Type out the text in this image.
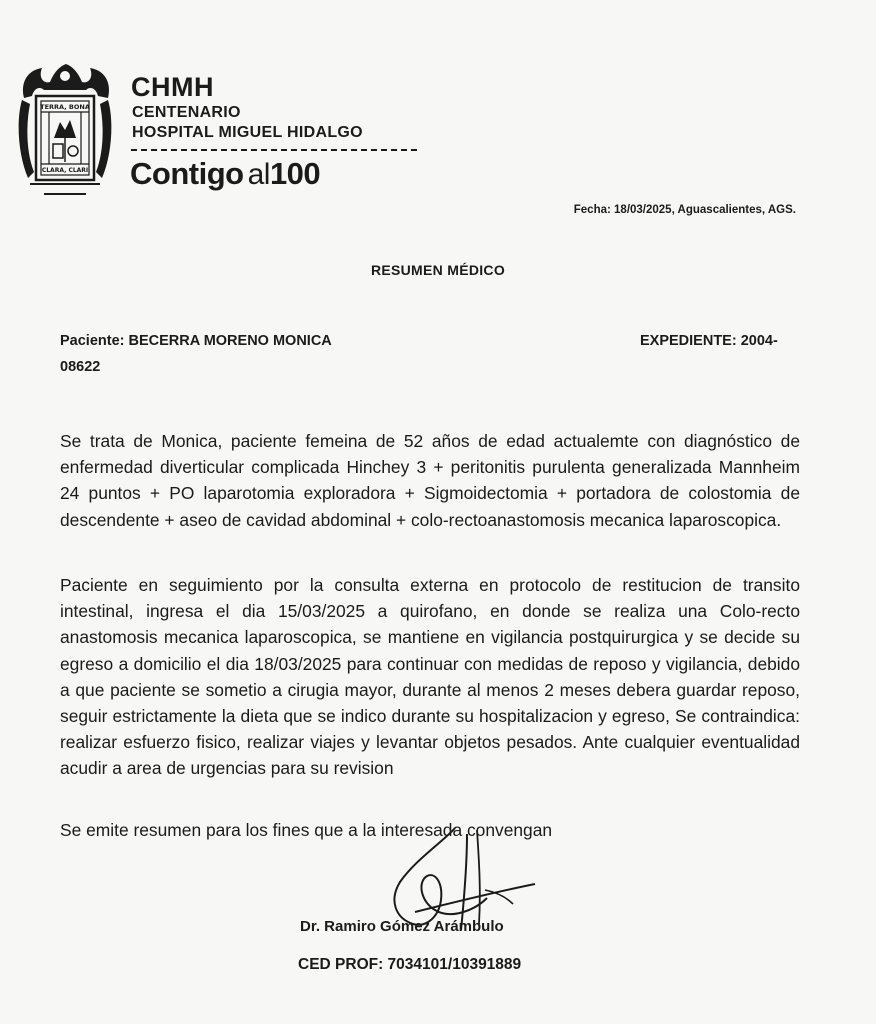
TERRA, BONA
CLARA, CLARI
CHMH
CENTENARIO
HOSPITAL MIGUEL HIDALGO
Contigo al100
Fecha: 18/03/2025, Aguascalientes, AGS.
RESUMEN MÉDICO
Paciente: BECERRA MORENO MONICA	EXPEDIENTE: 2004-
08622
Se trata de Monica, paciente femeina de 52 años de edad actualemte con diagnóstico de enfermedad diverticular complicada Hinchey 3 + peritonitis purulenta generalizada Mannheim 24 puntos + PO laparotomia exploradora + Sigmoidectomia + portadora de colostomia de descendente + aseo de cavidad abdominal + colo-rectoanastomosis mecanica laparoscopica.
Paciente en seguimiento por la consulta externa en protocolo de restitucion de transito intestinal, ingresa el dia 15/03/2025 a quirofano, en donde se realiza una Colo-recto anastomosis mecanica laparoscopica, se mantiene en vigilancia postquirurgica y se decide su egreso a domicilio el dia 18/03/2025 para continuar con medidas de reposo y vigilancia, debido a que paciente se sometio a cirugia mayor, durante al menos 2 meses debera guardar reposo, seguir estrictamente la dieta que se indico durante su hospitalizacion y egreso, Se contraindica: realizar esfuerzo fisico, realizar viajes y levantar objetos pesados. Ante cualquier eventualidad acudir a area de urgencias para su revision
Se emite resumen para los fines que a la interesada convengan
Dr. Ramiro Gómez Arámbulo
CED PROF: 7034101/10391889
